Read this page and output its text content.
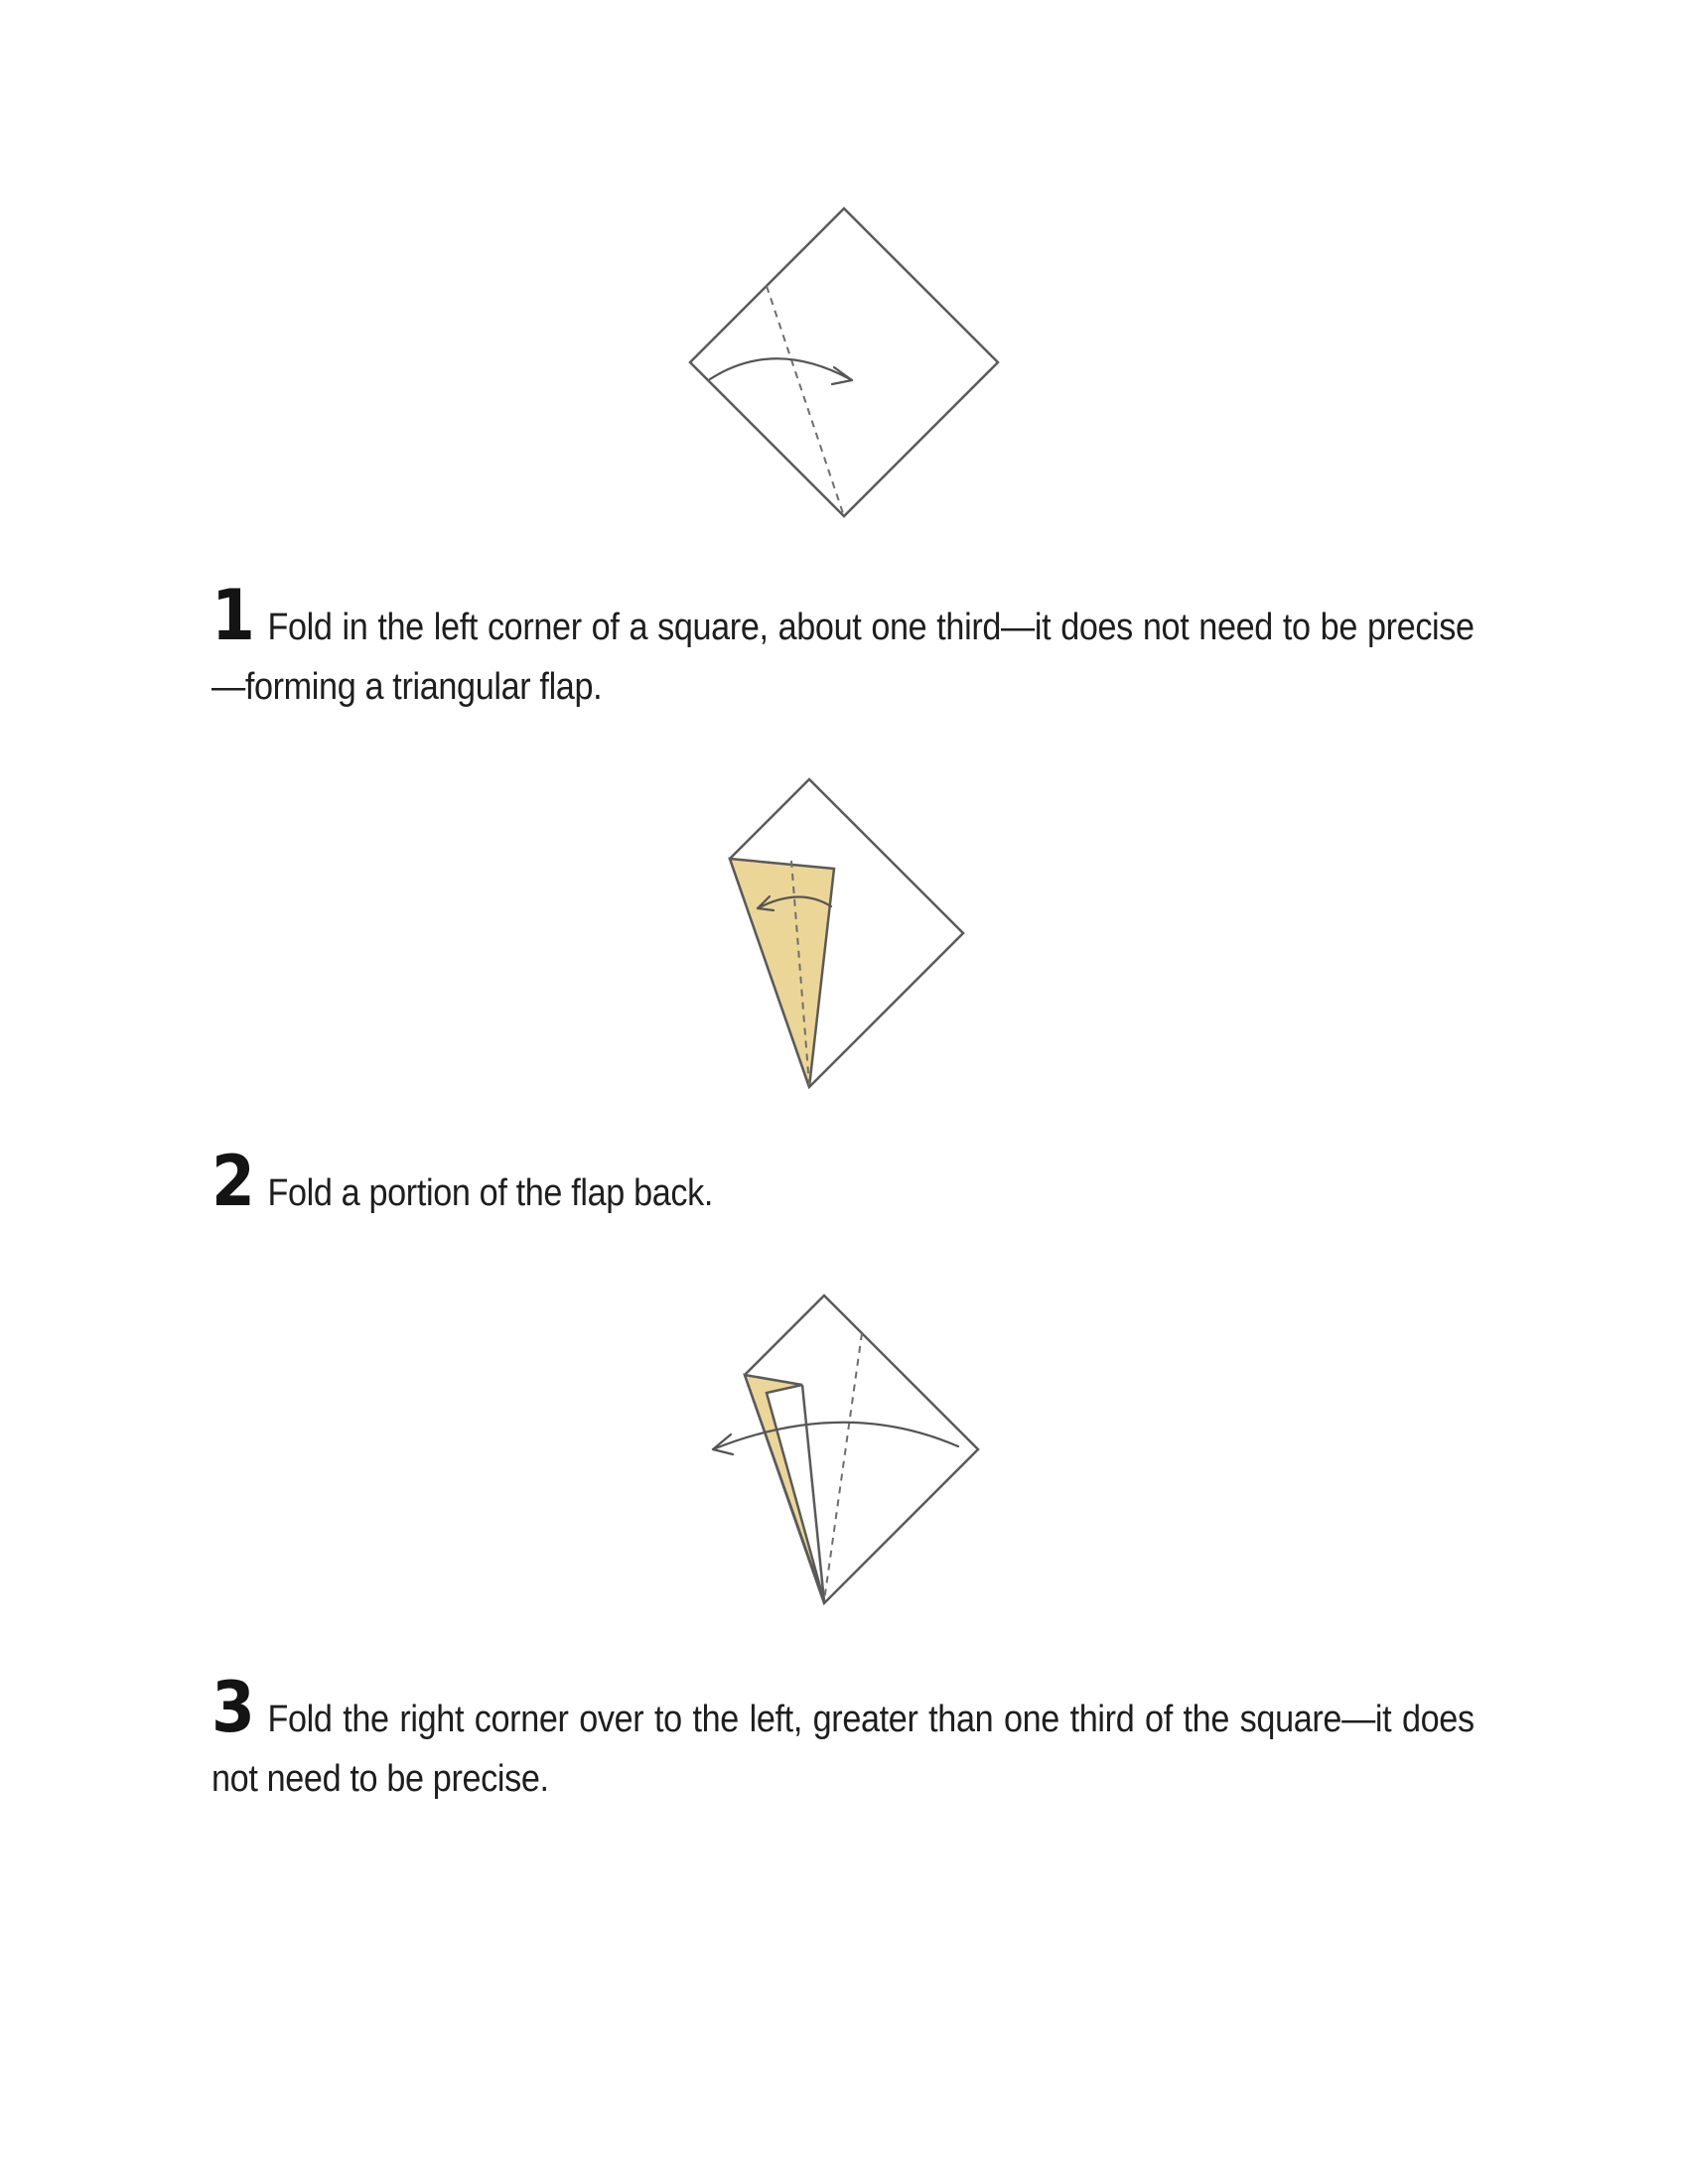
1 Fold in the left corner of a square, about one third—it does not need to be precise—forming a triangular flap.
2 Fold a portion of the flap back.
3 Fold the right corner over to the left, greater than one third of the square—it does not need to be precise.
